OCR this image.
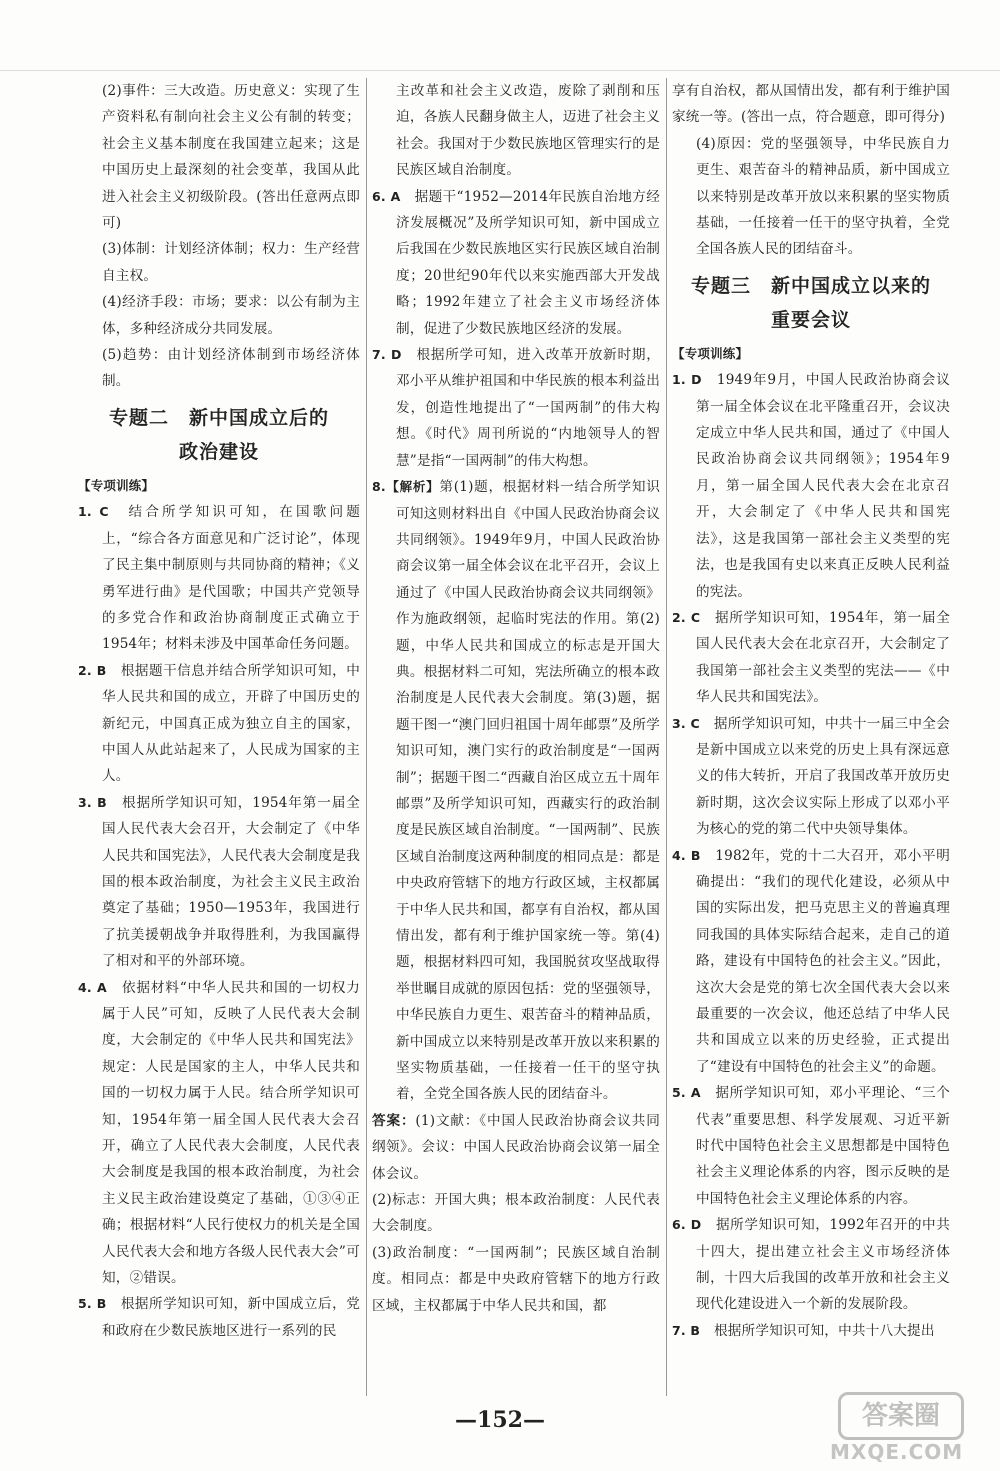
(2)事件：三大改造。历史意义：实现了生产资料私有制向社会主义公有制的转变；社会主义基本制度在我国建立起来；这是中国历史上最深刻的社会变革，我国从此进入社会主义初级阶段。(答出任意两点即可)

(3)体制：计划经济体制；权力：生产经营自主权。

(4)经济手段：市场；要求：以公有制为主体，多种经济成分共同发展。

(5)趋势：由计划经济体制到市场经济体制。

专题二　新中国成立后的
政治建设

【专项训练】

1. C　 结合所学知识可知，在国歌问题上，“综合各方面意见和广泛讨论”，体现了民主集中制原则与共同协商的精神；《义勇军进行曲》是代国歌；中国共产党领导的多党合作和政治协商制度正式确立于1954年；材料未涉及中国革命任务问题。

2. B　 根据题干信息并结合所学知识可知，中华人民共和国的成立，开辟了中国历史的新纪元，中国真正成为独立自主的国家，中国人从此站起来了，人民成为国家的主人。

3. B　 根据所学知识可知，1954年第一届全国人民代表大会召开，大会制定了《中华人民共和国宪法》，人民代表大会制度是我国的根本政治制度，为社会主义民主政治奠定了基础；1950—1953年，我国进行了抗美援朝战争并取得胜利，为我国赢得了相对和平的外部环境。

4. A　 依据材料“中华人民共和国的一切权力属于人民”可知，反映了人民代表大会制度，大会制定的《中华人民共和国宪法》规定：人民是国家的主人，中华人民共和国的一切权力属于人民。结合所学知识可知，1954年第一届全国人民代表大会召开，确立了人民代表大会制度，人民代表大会制度是我国的根本政治制度，为社会主义民主政治建设奠定了基础，①③④正确；根据材料“人民行使权力的机关是全国人民代表大会和地方各级人民代表大会”可知，②错误。

5. B　 根据所学知识可知，新中国成立后，党和政府在少数民族地区进行一系列的民

主改革和社会主义改造，废除了剥削和压迫，各族人民翻身做主人，迈进了社会主义社会。我国对于少数民族地区管理实行的是民族区域自治制度。

6. A　 据题干“1952—2014年民族自治地方经济发展概况”及所学知识可知，新中国成立后我国在少数民族地区实行民族区域自治制度；20世纪90年代以来实施西部大开发战略；1992年建立了社会主义市场经济体制，促进了少数民族地区经济的发展。

7. D　 根据所学可知，进入改革开放新时期，邓小平从维护祖国和中华民族的根本利益出发，创造性地提出了“一国两制”的伟大构想。《时代》周刊所说的“内地领导人的智慧”是指“一国两制”的伟大构想。

8.【解析】第(1)题，根据材料一结合所学知识可知这则材料出自《中国人民政治协商会议共同纲领》。1949年9月，中国人民政治协商会议第一届全体会议在北平召开，会议上通过了《中国人民政治协商会议共同纲领》作为施政纲领，起临时宪法的作用。第(2)题，中华人民共和国成立的标志是开国大典。根据材料二可知，宪法所确立的根本政治制度是人民代表大会制度。第(3)题，据题干图一“澳门回归祖国十周年邮票”及所学知识可知，澳门实行的政治制度是“一国两制”；据题干图二“西藏自治区成立五十周年邮票”及所学知识可知，西藏实行的政治制度是民族区域自治制度。“一国两制”、民族区域自治制度这两种制度的相同点是：都是中央政府管辖下的地方行政区域，主权都属于中华人民共和国，都享有自治权，都从国情出发，都有利于维护国家统一等。第(4)题，根据材料四可知，我国脱贫攻坚战取得举世瞩目成就的原因包括：党的坚强领导，中华民族自力更生、艰苦奋斗的精神品质，新中国成立以来特别是改革开放以来积累的坚实物质基础，一任接着一任干的坚守执着，全党全国各族人民的团结奋斗。

答案：(1)文献：《中国人民政治协商会议共同纲领》。会议：中国人民政治协商会议第一届全体会议。

(2)标志：开国大典；根本政治制度：人民代表大会制度。

(3)政治制度：“一国两制”；民族区域自治制度。相同点：都是中央政府管辖下的地方行政区域，主权都属于中华人民共和国，都

享有自治权，都从国情出发，都有利于维护国家统一等。(答出一点，符合题意，即可得分)

(4)原因：党的坚强领导，中华民族自力更生、艰苦奋斗的精神品质，新中国成立以来特别是改革开放以来积累的坚实物质基础，一任接着一任干的坚守执着，全党全国各族人民的团结奋斗。

专题三　新中国成立以来的
重要会议

【专项训练】

1. D　 1949年9月，中国人民政治协商会议第一届全体会议在北平隆重召开，会议决定成立中华人民共和国，通过了《中国人民政治协商会议共同纲领》；1954年9月，第一届全国人民代表大会在北京召开，大会制定了《中华人民共和国宪法》，这是我国第一部社会主义类型的宪法，也是我国有史以来真正反映人民利益的宪法。

2. C　 据所学知识可知，1954年，第一届全国人民代表大会在北京召开，大会制定了我国第一部社会主义类型的宪法——《中华人民共和国宪法》。

3. C　 据所学知识可知，中共十一届三中全会是新中国成立以来党的历史上具有深远意义的伟大转折，开启了我国改革开放历史新时期，这次会议实际上形成了以邓小平为核心的党的第二代中央领导集体。

4. B　 1982年，党的十二大召开，邓小平明确提出：“我们的现代化建设，必须从中国的实际出发，把马克思主义的普遍真理同我国的具体实际结合起来，走自己的道路，建设有中国特色的社会主义。”因此，这次大会是党的第七次全国代表大会以来最重要的一次会议，他还总结了中华人民共和国成立以来的历史经验，正式提出了“建设有中国特色的社会主义”的命题。

5. A　 据所学知识可知，邓小平理论、“三个代表”重要思想、科学发展观、习近平新时代中国特色社会主义思想都是中国特色社会主义理论体系的内容，图示反映的是中国特色社会主义理论体系的内容。

6. D　 据所学知识可知，1992年召开的中共十四大，提出建立社会主义市场经济体制，十四大后我国的改革开放和社会主义现代化建设进入一个新的发展阶段。

7. B　 根据所学知识可知，中共十八大提出

—152—	答案圈
MXQE.COM
